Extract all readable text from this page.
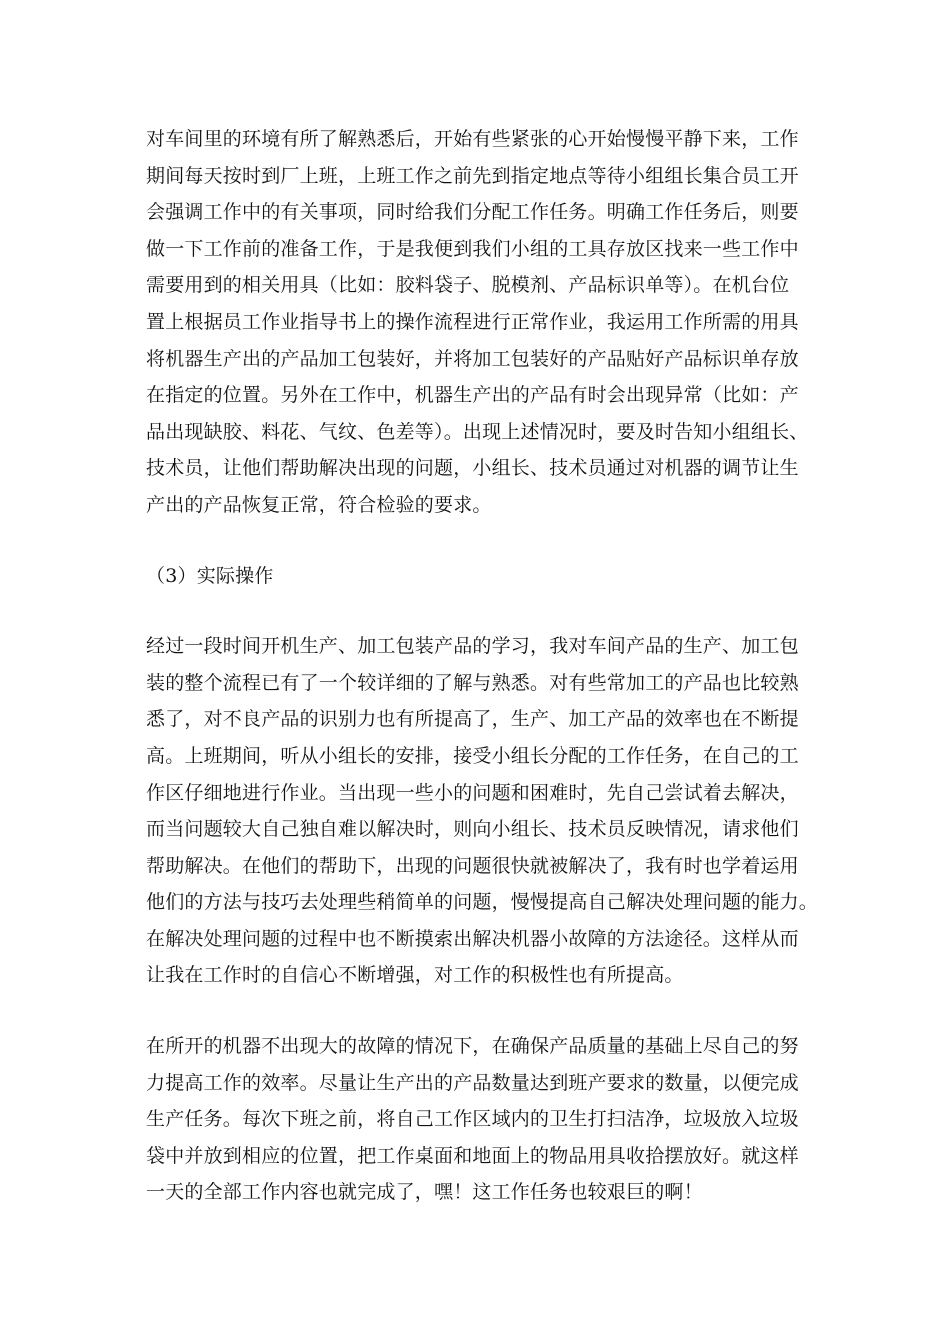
对车间里的环境有所了解熟悉后，开始有些紧张的心开始慢慢平静下来，工作
期间每天按时到厂上班，上班工作之前先到指定地点等待小组组长集合员工开
会强调工作中的有关事项，同时给我们分配工作任务。明确工作任务后，则要
做一下工作前的准备工作，于是我便到我们小组的工具存放区找来一些工作中
需要用到的相关用具（比如：胶料袋子、脱模剂、产品标识单等）。在机台位
置上根据员工作业指导书上的操作流程进行正常作业，我运用工作所需的用具
将机器生产出的产品加工包装好，并将加工包装好的产品贴好产品标识单存放
在指定的位置。另外在工作中，机器生产出的产品有时会出现异常（比如：产
品出现缺胶、料花、气纹、色差等）。出现上述情况时，要及时告知小组组长、
技术员，让他们帮助解决出现的问题，小组长、技术员通过对机器的调节让生
产出的产品恢复正常，符合检验的要求。
（3）实际操作
经过一段时间开机生产、加工包装产品的学习，我对车间产品的生产、加工包
装的整个流程已有了一个较详细的了解与熟悉。对有些常加工的产品也比较熟
悉了，对不良产品的识别力也有所提高了，生产、加工产品的效率也在不断提
高。上班期间，听从小组长的安排，接受小组长分配的工作任务，在自己的工
作区仔细地进行作业。当出现一些小的问题和困难时，先自己尝试着去解决，
而当问题较大自己独自难以解决时，则向小组长、技术员反映情况，请求他们
帮助解决。在他们的帮助下，出现的问题很快就被解决了，我有时也学着运用
他们的方法与技巧去处理些稍简单的问题，慢慢提高自己解决处理问题的能力。
在解决处理问题的过程中也不断摸索出解决机器小故障的方法途径。这样从而
让我在工作时的自信心不断增强，对工作的积极性也有所提高。
在所开的机器不出现大的故障的情况下，在确保产品质量的基础上尽自己的努
力提高工作的效率。尽量让生产出的产品数量达到班产要求的数量，以便完成
生产任务。每次下班之前，将自己工作区域内的卫生打扫洁净，垃圾放入垃圾
袋中并放到相应的位置，把工作桌面和地面上的物品用具收拾摆放好。就这样
一天的全部工作内容也就完成了，嘿！这工作任务也较艰巨的啊！
